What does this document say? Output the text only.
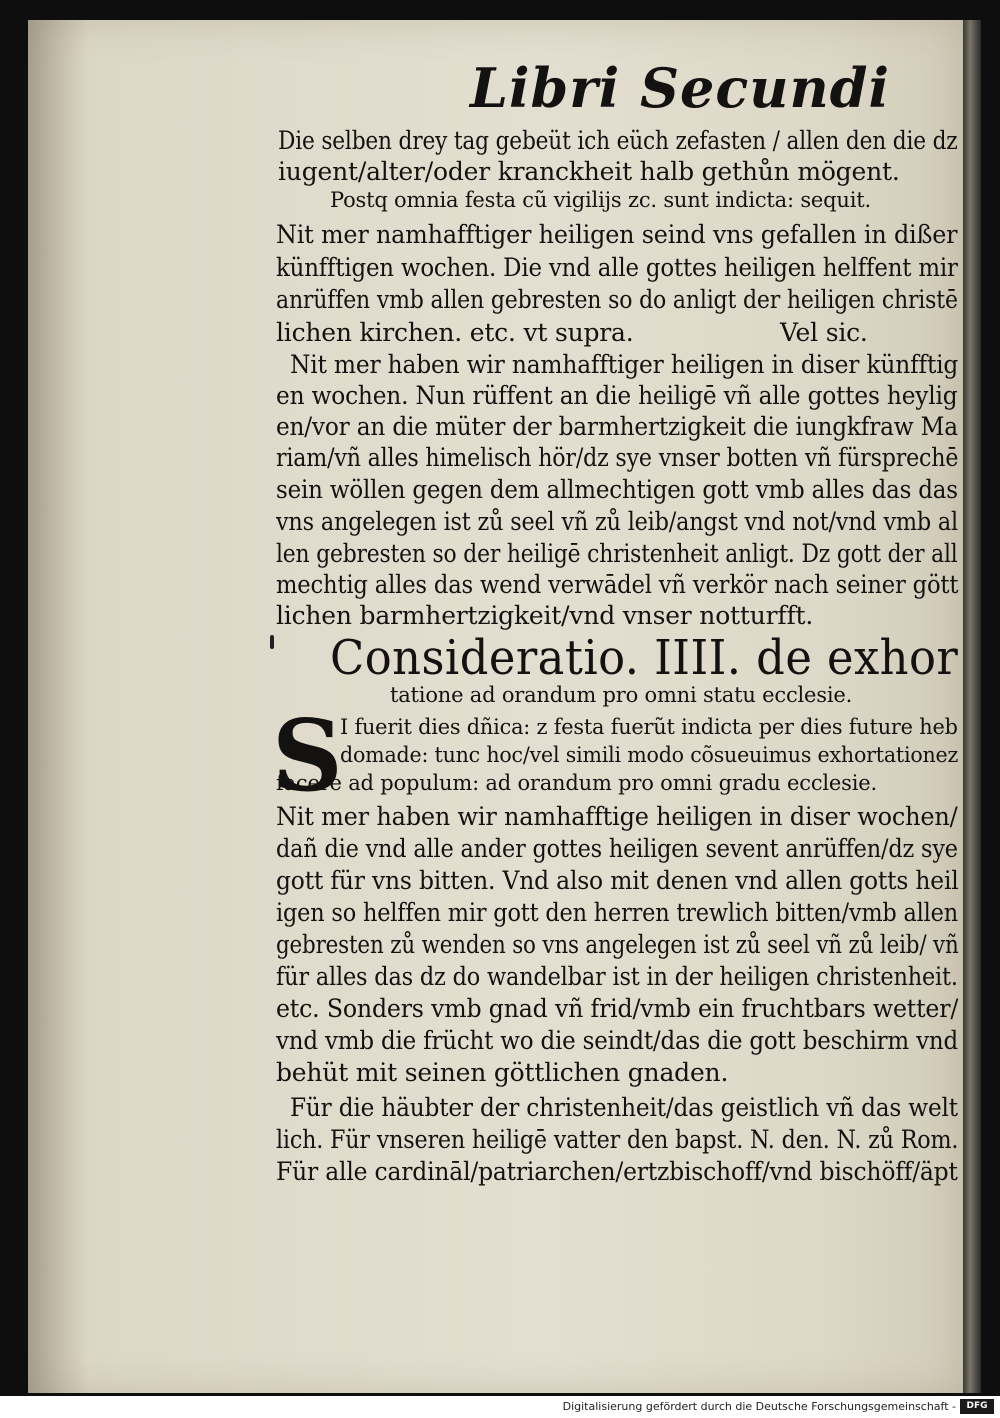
Libri Secundi

Die selben drey tag gebeüt ich eüch zefasten / allen den die dz

iugent/alter/oder kranckheit halb gethůn mögent.

Postq omnia festa cũ vigilijs zc. sunt indicta: sequit.

Nit mer namhafftiger heiligen seind vns gefallen in dißer

künfftigen wochen. Die vnd alle gottes heiligen helffent mir

anrüffen vmb allen gebresten so do anligt der heiligen christē

lichen kirchen. etc. vt supra.	Vel sic.

Nit mer haben wir namhafftiger heiligen in diser künfftig

en wochen. Nun rüffent an die heiligē vñ alle gottes heylig

en/vor an die müter der barmhertzigkeit die iungkfraw Ma

riam/vñ alles himelisch hör/dz sye vnser botten vñ fürsprechē

sein wöllen gegen dem allmechtigen gott vmb alles das das

vns angelegen ist zů seel vñ zů leib/angst vnd not/vnd vmb al

len gebresten so der heiligē christenheit anligt. Dz gott der all

mechtig alles das wend verwādel vñ verkör nach seiner gött

lichen barmhertzigkeit/vnd vnser notturfft.

Consideratio. IIII. de exhor

tatione ad orandum pro omni statu ecclesie.

S

I fuerit dies dñica: z festa fuerũt indicta per dies future heb

domade: tunc hoc/vel simili modo cõsueuimus exhortationez

facere ad populum: ad orandum pro omni gradu ecclesie.

Nit mer haben wir namhafftige heiligen in diser wochen/

dañ die vnd alle ander gottes heiligen sevent anrüffen/dz sye

gott für vns bitten. Vnd also mit denen vnd allen gotts heil

igen so helffen mir gott den herren trewlich bitten/vmb allen

gebresten zů wenden so vns angelegen ist zů seel vñ zů leib/ vñ

für alles das dz do wandelbar ist in der heiligen christenheit.

etc. Sonders vmb gnad vñ frid/vmb ein fruchtbars wetter/

vnd vmb die frücht wo die seindt/das die gott beschirm vnd

behüt mit seinen göttlichen gnaden.

Für die häubter der christenheit/das geistlich vñ das welt

lich. Für vnseren heiligē vatter den bapst. N. den. N. zů Rom.

Für alle cardināl/patriarchen/ertzbischoff/vnd bischöff/äpt

Digitalisierung gefördert durch die Deutsche Forschungsgemeinschaft -	DFG
